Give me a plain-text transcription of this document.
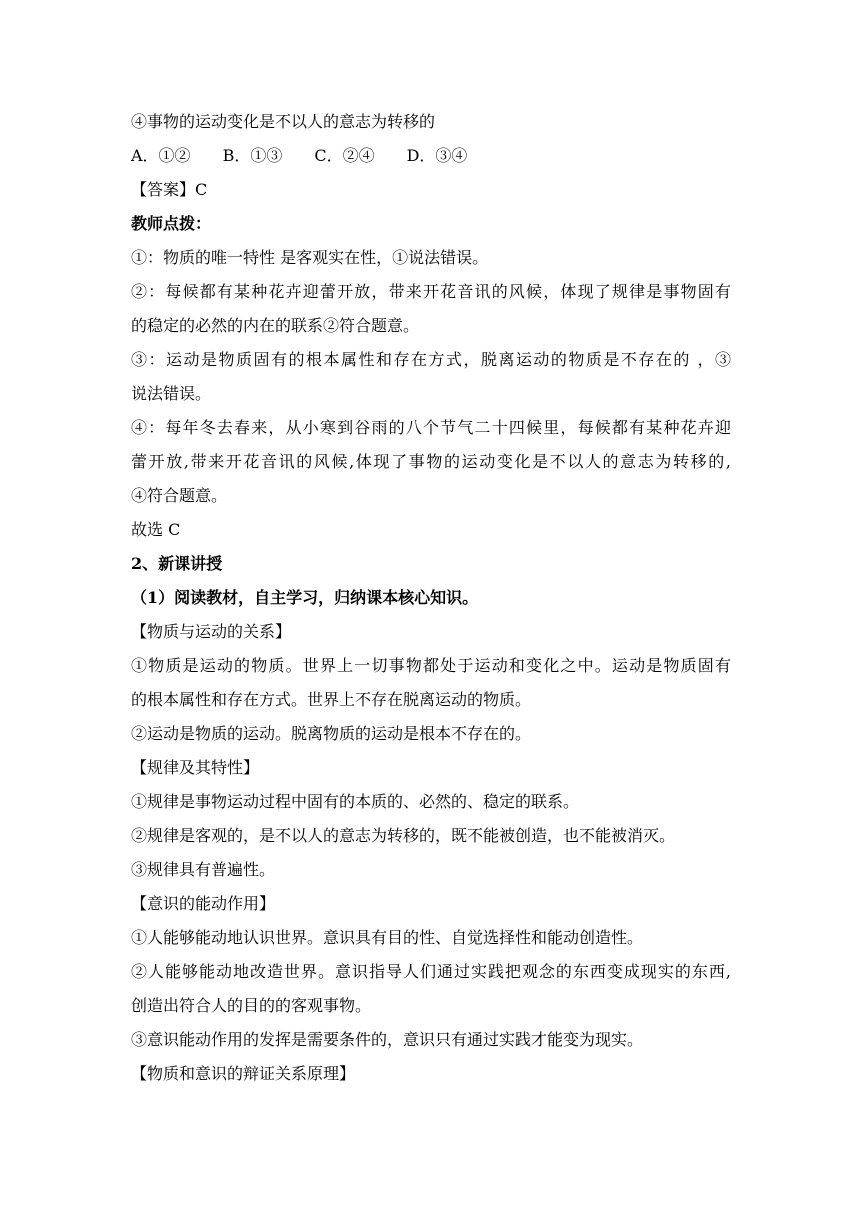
④事物的运动变化是不以人的意志为转移的
A．①② B．①③ C．②④ D．③④
【答案】C
教师点拨：
①：物质的唯一特性 是客观实在性，①说法错误。
②：每候都有某种花卉迎蕾开放，带来开花音讯的风候，体现了规律是事物固有
的稳定的必然的内在的联系②符合题意。
③：运动是物质固有的根本属性和存在方式，脱离运动的物质是不存在的 ，③
说法错误。
④：每年冬去春来，从小寒到谷雨的八个节气二十四候里，每候都有某种花卉迎
蕾开放,带来开花音讯的风候,体现了事物的运动变化是不以人的意志为转移的,
④符合题意。
故选 C
2、新课讲授
（1）阅读教材，自主学习，归纳课本核心知识。
【物质与运动的关系】
①物质是运动的物质。世界上一切事物都处于运动和变化之中。运动是物质固有
的根本属性和存在方式。世界上不存在脱离运动的物质。
②运动是物质的运动。脱离物质的运动是根本不存在的。
【规律及其特性】
①规律是事物运动过程中固有的本质的、必然的、稳定的联系。
②规律是客观的，是不以人的意志为转移的，既不能被创造，也不能被消灭。
③规律具有普遍性。
【意识的能动作用】
①人能够能动地认识世界。意识具有目的性、自觉选择性和能动创造性。
②人能够能动地改造世界。意识指导人们通过实践把观念的东西变成现实的东西,
创造出符合人的目的的客观事物。
③意识能动作用的发挥是需要条件的，意识只有通过实践才能变为现实。
【物质和意识的辩证关系原理】
